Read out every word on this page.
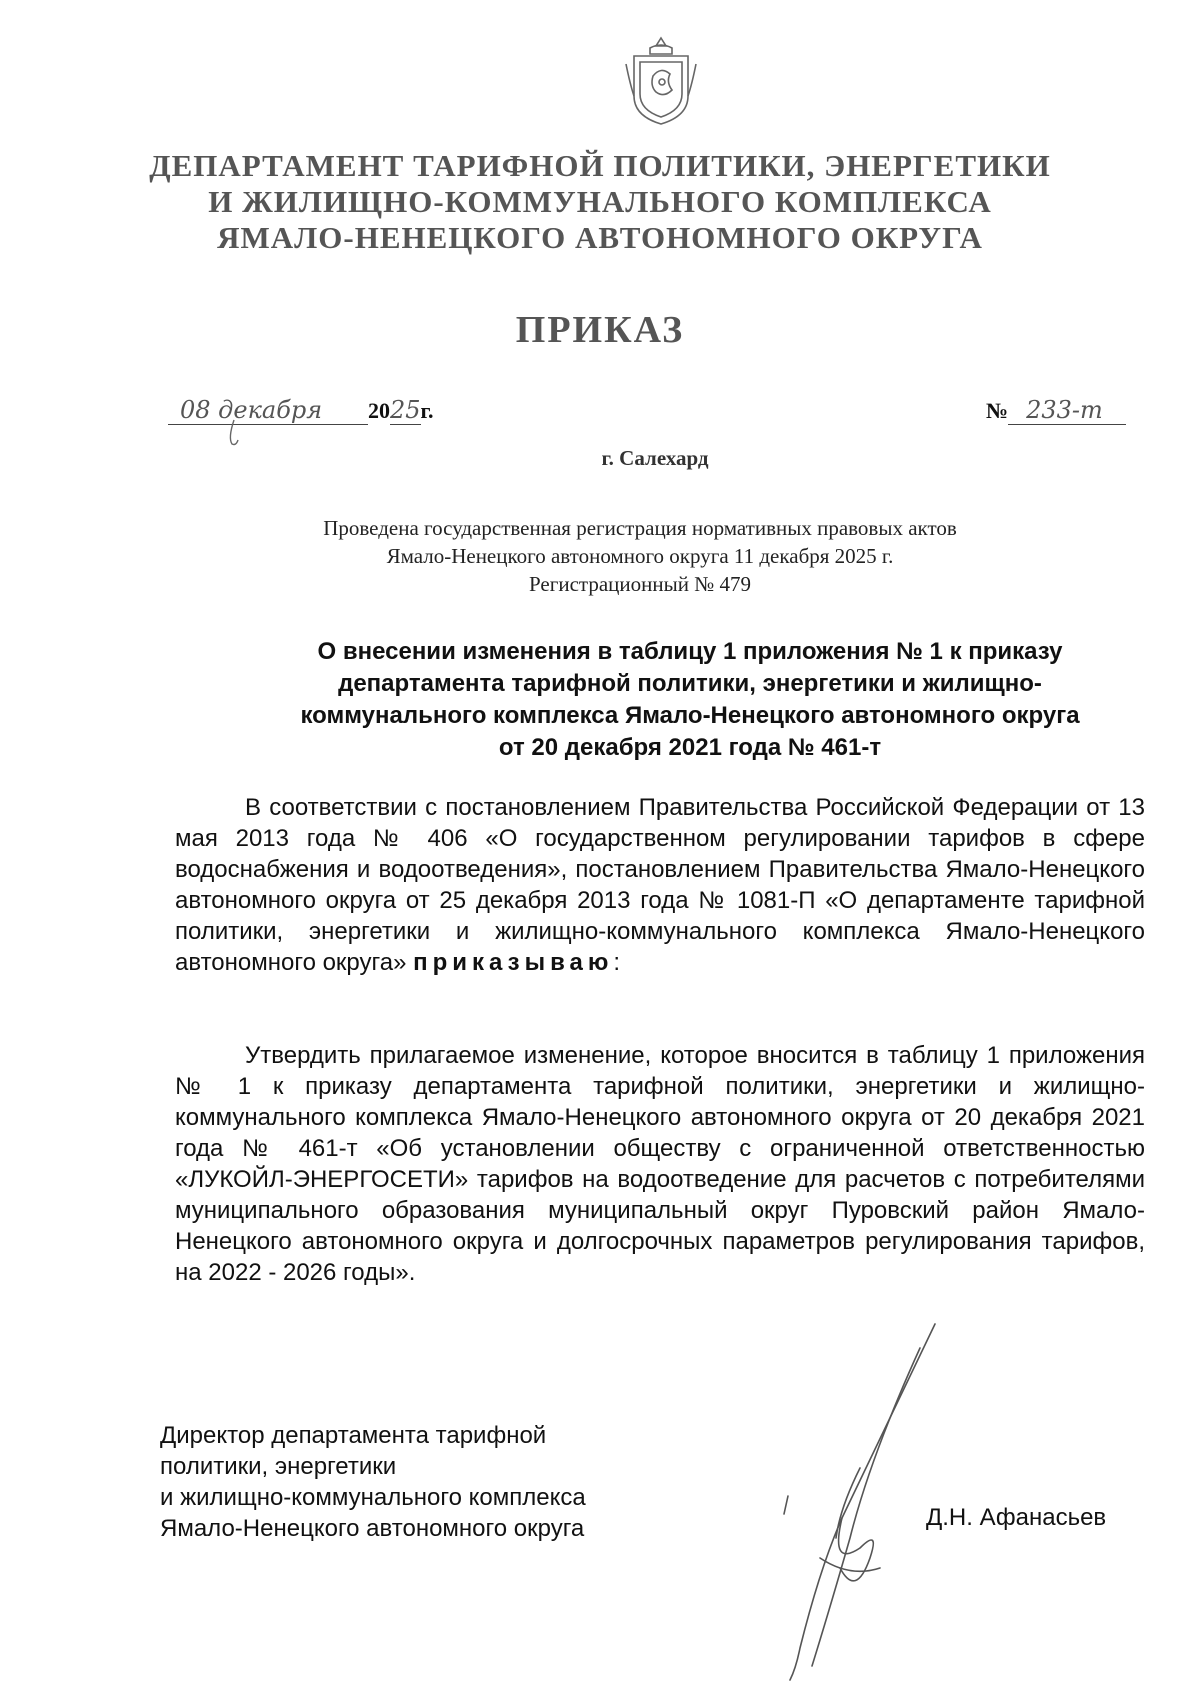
ДЕПАРТАМЕНТ ТАРИФНОЙ ПОЛИТИКИ, ЭНЕРГЕТИКИ
И ЖИЛИЩНО-КОММУНАЛЬНОГО КОМПЛЕКСА
ЯМАЛО-НЕНЕЦКОГО АВТОНОМНОГО ОКРУГА
ПРИКАЗ
08 декабря 2025г.	№ 233-т
г. Салехард
Проведена государственная регистрация нормативных правовых актов
Ямало-Ненецкого автономного округа 11 декабря 2025 г.
Регистрационный № 479
О внесении изменения в таблицу 1 приложения № 1 к приказу
департамента тарифной политики, энергетики и жилищно-
коммунального комплекса Ямало-Ненецкого автономного округа
от 20 декабря 2021 года № 461-т
В соответствии с постановлением Правительства Российской Федерации от 13 мая 2013 года № 406 «О государственном регулировании тарифов в сфере водоснабжения и водоотведения», постановлением Правительства Ямало-Ненецкого автономного округа от 25 декабря 2013 года № 1081-П «О департаменте тарифной политики, энергетики и жилищно-коммунального комплекса Ямало-Ненецкого автономного округа» приказываю:
Утвердить прилагаемое изменение, которое вносится в таблицу 1 приложения № 1 к приказу департамента тарифной политики, энергетики и жилищно-коммунального комплекса Ямало-Ненецкого автономного округа от 20 декабря 2021 года № 461-т «Об установлении обществу с ограниченной ответственностью «ЛУКОЙЛ-ЭНЕРГОСЕТИ» тарифов на водоотведение для расчетов с потребителями муниципального образования муниципальный округ Пуровский район Ямало-Ненецкого автономного округа и долгосрочных параметров регулирования тарифов, на 2022 - 2026 годы».
Директор департамента тарифной
политики, энергетики
и жилищно-коммунального комплекса
Ямало-Ненецкого автономного округа	Д.Н. Афанасьев
